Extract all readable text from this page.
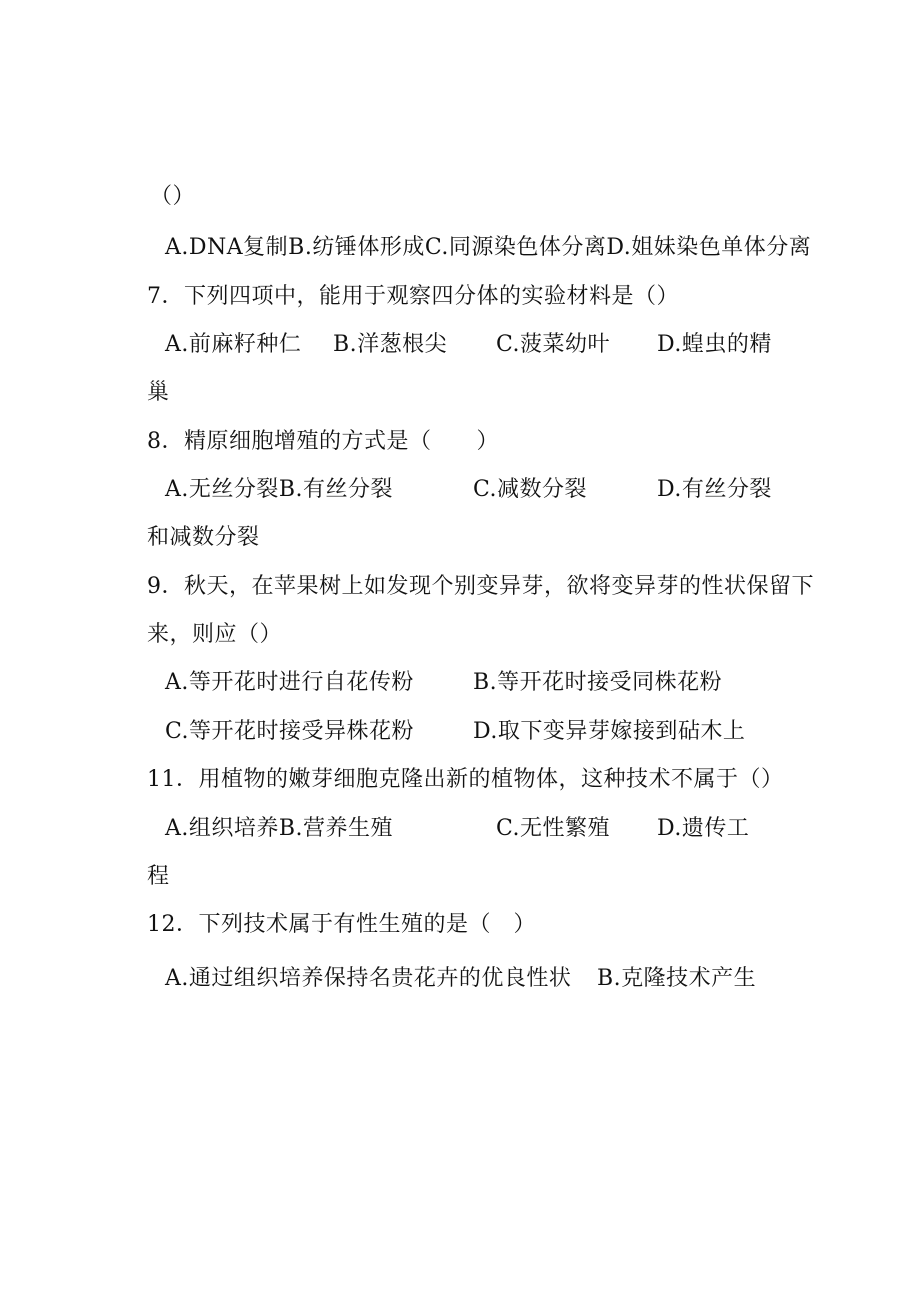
（）
A.DNA复制B.纺锤体形成C.同源染色体分离D.姐妹染色单体分离
7．下列四项中，能用于观察四分体的实验材料是（）

A.前麻籽种仁

B.洋葱根尖

C.菠菜幼叶

D.蝗虫的精

巢
8．精原细胞增殖的方式是（　　）

A.无丝分裂B.有丝分裂

	C.减数分裂

	D.有丝分裂

和减数分裂
9．秋天，在苹果树上如发现个别变异芽，欲将变异芽的性状保留下
来，则应（）

A.等开花时进行自花传粉

	B.等开花时接受同株花粉

C.等开花时接受异株花粉

	D.取下变异芽嫁接到砧木上

11．用植物的嫩芽细胞克隆出新的植物体，这种技术不属于（）

A.组织培养B.营养生殖

	C.无性繁殖

D.遗传工

程
12．下列技术属于有性生殖的是（　）

A.通过组织培养保持名贵花卉的优良性状

B.克隆技术产生
